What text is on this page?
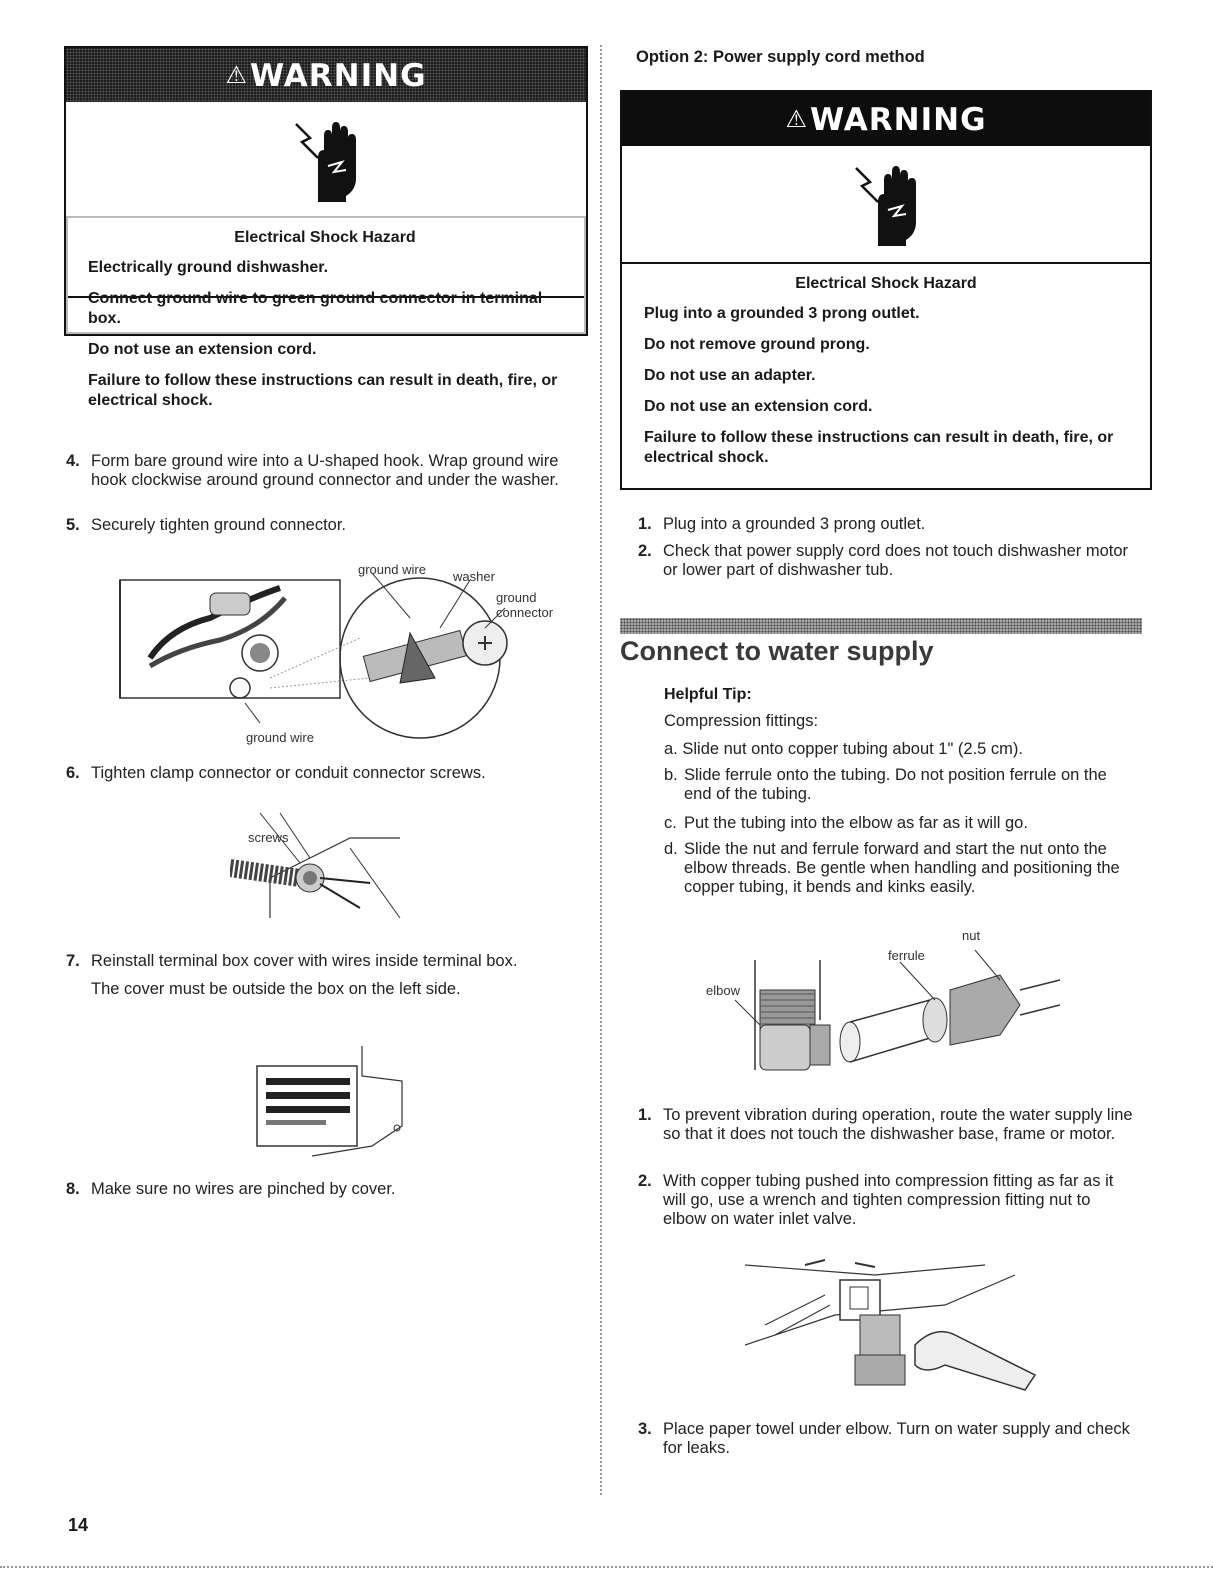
⚠WARNING
Electrical Shock Hazard

Electrically ground dishwasher.

Connect ground wire to green ground connector in terminal box.

Do not use an extension cord.

Failure to follow these instructions can result in death, fire, or electrical shock.

4. Form bare ground wire into a U-shaped hook. Wrap ground wire hook clockwise around ground connector and under the washer.
5. Securely tighten ground connector.
ground wire washer
ground connector
ground wire
6. Tighten clamp connector or conduit connector screws.
screws
7. Reinstall terminal box cover with wires inside terminal box.
The cover must be outside the box on the left side.
8. Make sure no wires are pinched by cover.
14
Option 2: Power supply cord method
⚠WARNING
Electrical Shock Hazard

Plug into a grounded 3 prong outlet.

Do not remove ground prong.

Do not use an adapter.

Do not use an extension cord.

Failure to follow these instructions can result in death, fire, or electrical shock.

1. Plug into a grounded 3 prong outlet.
2. Check that power supply cord does not touch dishwasher motor or lower part of dishwasher tub.
Connect to water supply
Helpful Tip:
Compression fittings:
a. Slide nut onto copper tubing about 1" (2.5 cm).
b. Slide ferrule onto the tubing. Do not position ferrule on the end of the tubing.
c. Put the tubing into the elbow as far as it will go.
d. Slide the nut and ferrule forward and start the nut onto the elbow threads. Be gentle when handling and positioning the copper tubing, it bends and kinks easily.
elbow
ferrule
nut
1. To prevent vibration during operation, route the water supply line so that it does not touch the dishwasher base, frame or motor.
2. With copper tubing pushed into compression fitting as far as it will go, use a wrench and tighten compression fitting nut to elbow on water inlet valve.
3. Place paper towel under elbow. Turn on water supply and check for leaks.
